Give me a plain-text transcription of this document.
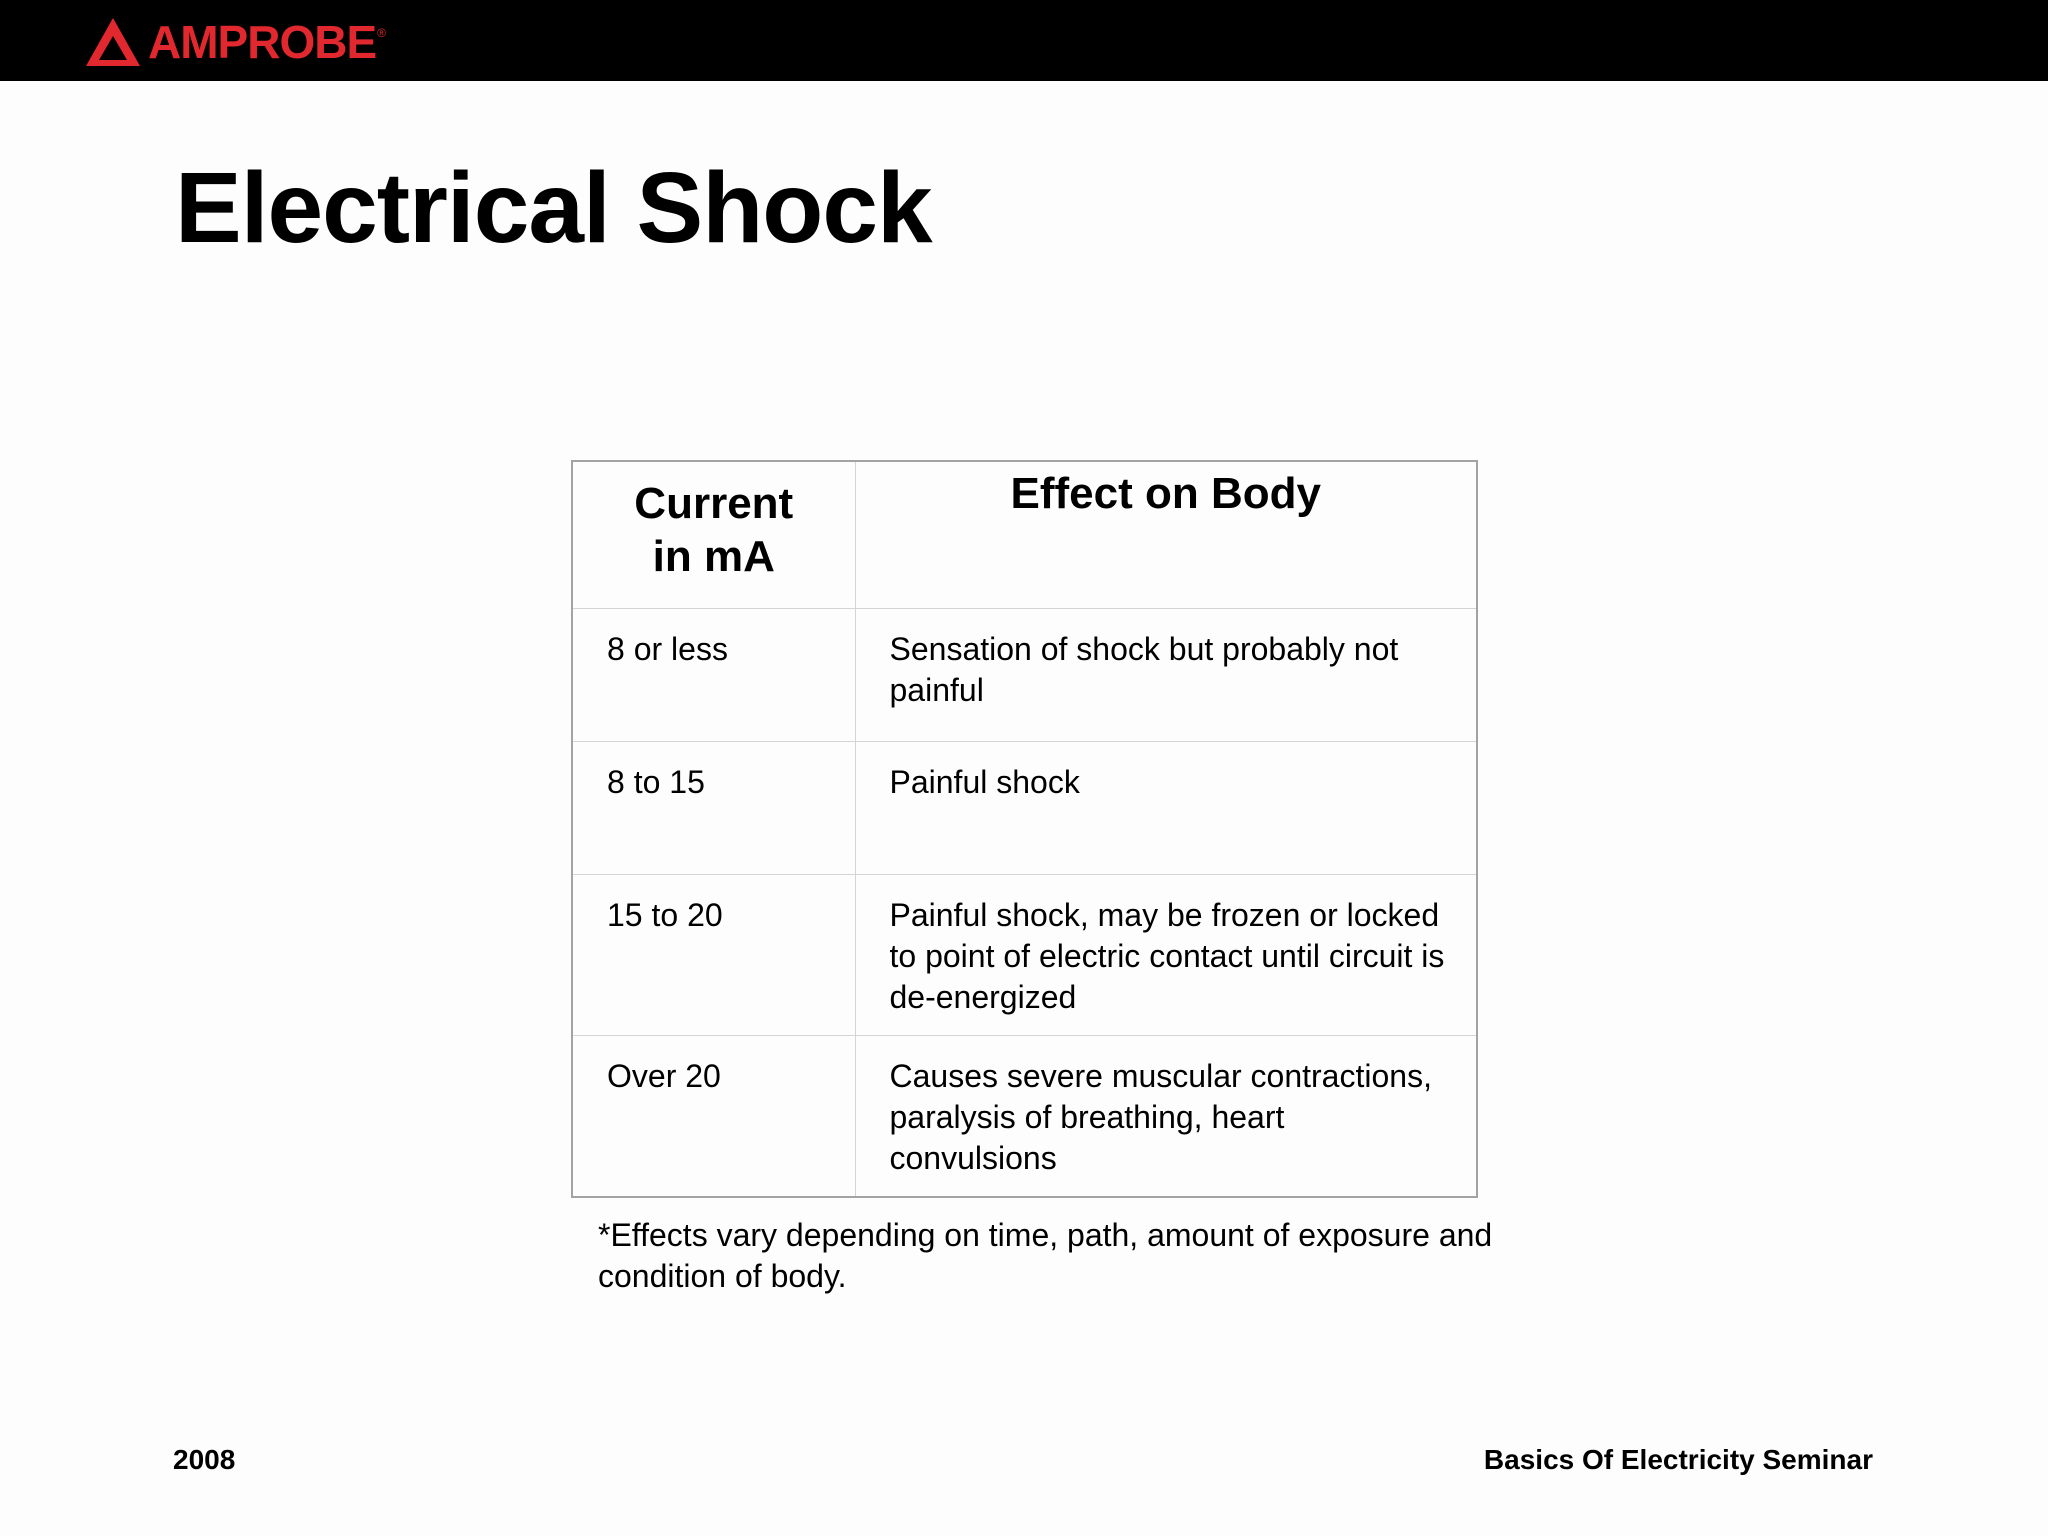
AMPROBE ®
Electrical Shock
Current
in mA	Effect on Body
8 or less	Sensation of shock but probably not painful
8 to 15	Painful shock
15 to 20	Painful shock, may be frozen or locked to point of electric contact until circuit is de-energized
Over 20	Causes severe muscular contractions, paralysis of breathing, heart convulsions

*Effects vary depending on time, path, amount of exposure and condition of body.

2008	Basics Of Electricity Seminar
